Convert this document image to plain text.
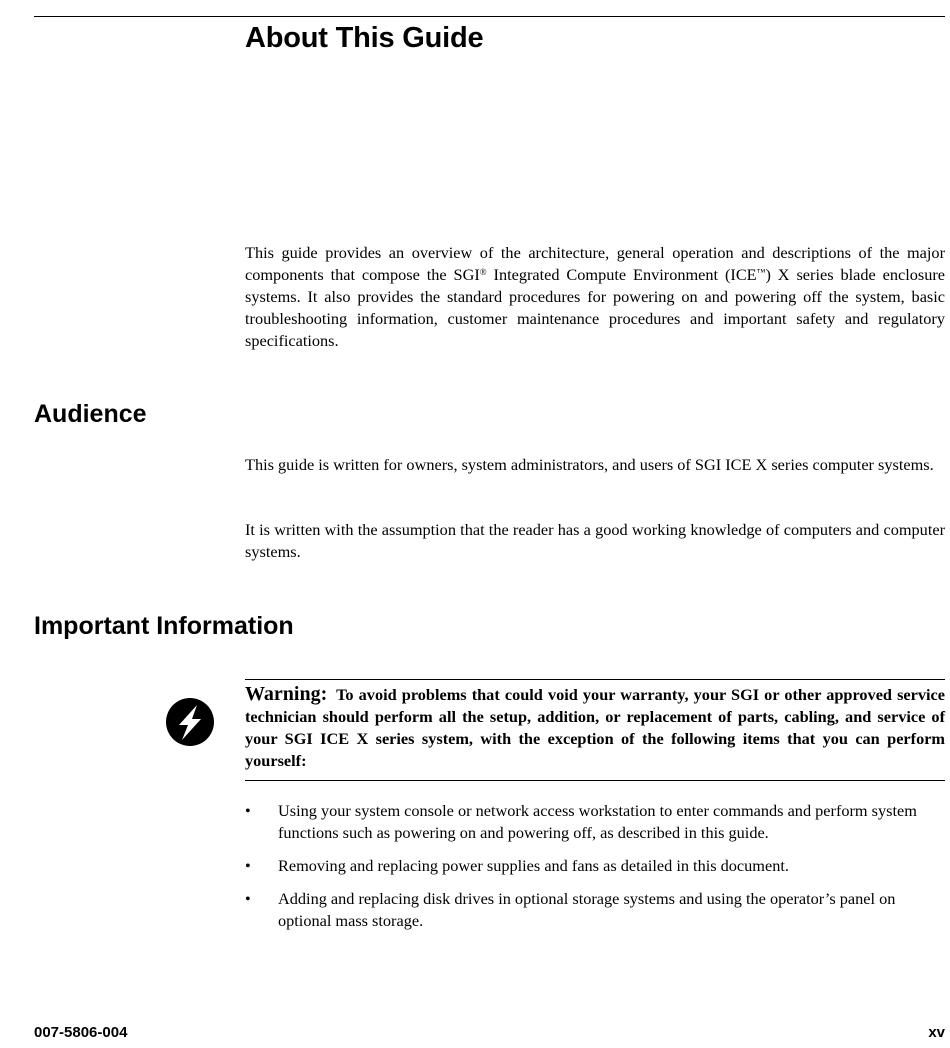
About This Guide

This guide provides an overview of the architecture, general operation and descriptions of the major components that compose the SGI® Integrated Compute Environment (ICE™) X series blade enclosure systems. It also provides the standard procedures for powering on and powering off the system, basic troubleshooting information, customer maintenance procedures and important safety and regulatory specifications.

Audience

This guide is written for owners, system administrators, and users of SGI ICE X series computer systems.

It is written with the assumption that the reader has a good working knowledge of computers and computer systems.

Important Information

Warning: To avoid problems that could void your warranty, your SGI or other approved service technician should perform all the setup, addition, or replacement of parts, cabling, and service of your SGI ICE X series system, with the exception of the following items that you can perform yourself:

• Using your system console or network access workstation to enter commands and perform system functions such as powering on and powering off, as described in this guide.
• Removing and replacing power supplies and fans as detailed in this document.
• Adding and replacing disk drives in optional storage systems and using the operator’s panel on optional mass storage.

007-5806-004	xv
